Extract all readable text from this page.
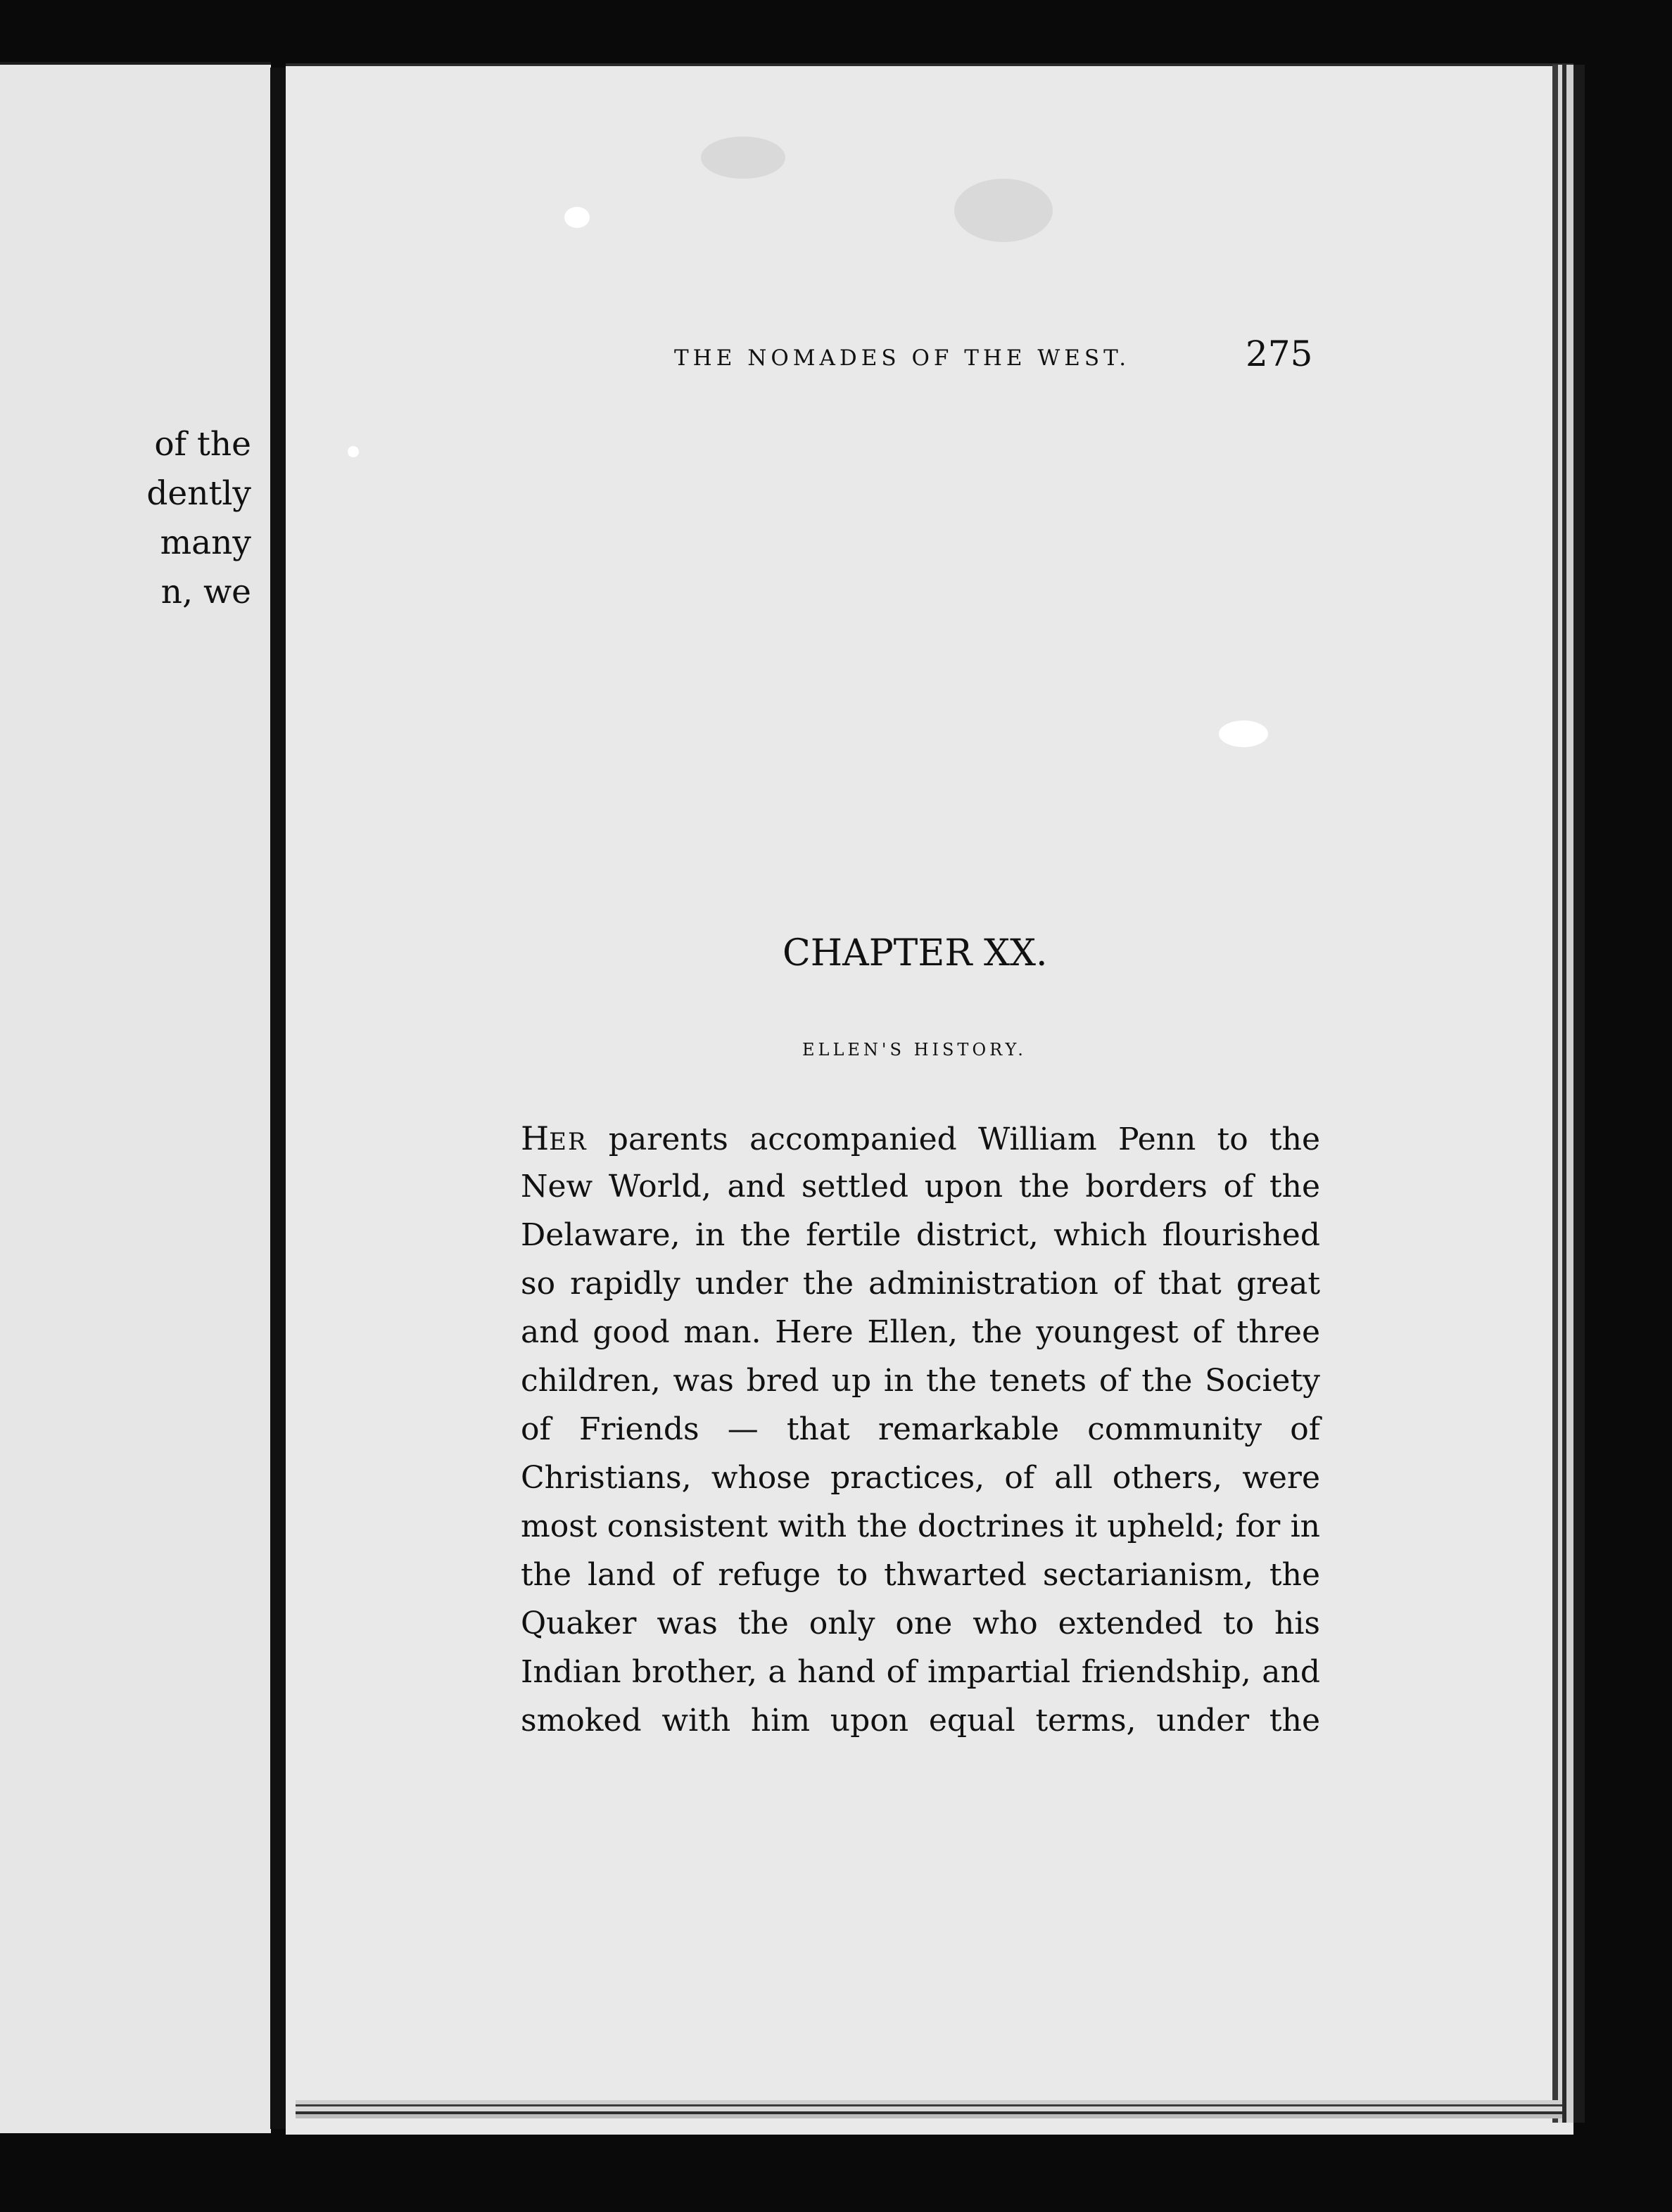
of the
dently
many
n, we
THE NOMADES OF THE WEST.	275
CHAPTER XX.
ELLEN'S HISTORY.
HER parents accompanied William Penn to the
New World, and settled upon the borders of the
Delaware, in the fertile district, which flourished
so rapidly under the administration of that great
and good man. Here Ellen, the youngest of three
children, was bred up in the tenets of the Society
of Friends — that remarkable community of
Christians, whose practices, of all others, were
most consistent with the doctrines it upheld; for in
the land of refuge to thwarted sectarianism, the
Quaker was the only one who extended to his
Indian brother, a hand of impartial friendship, and
smoked with him upon equal terms, under the
